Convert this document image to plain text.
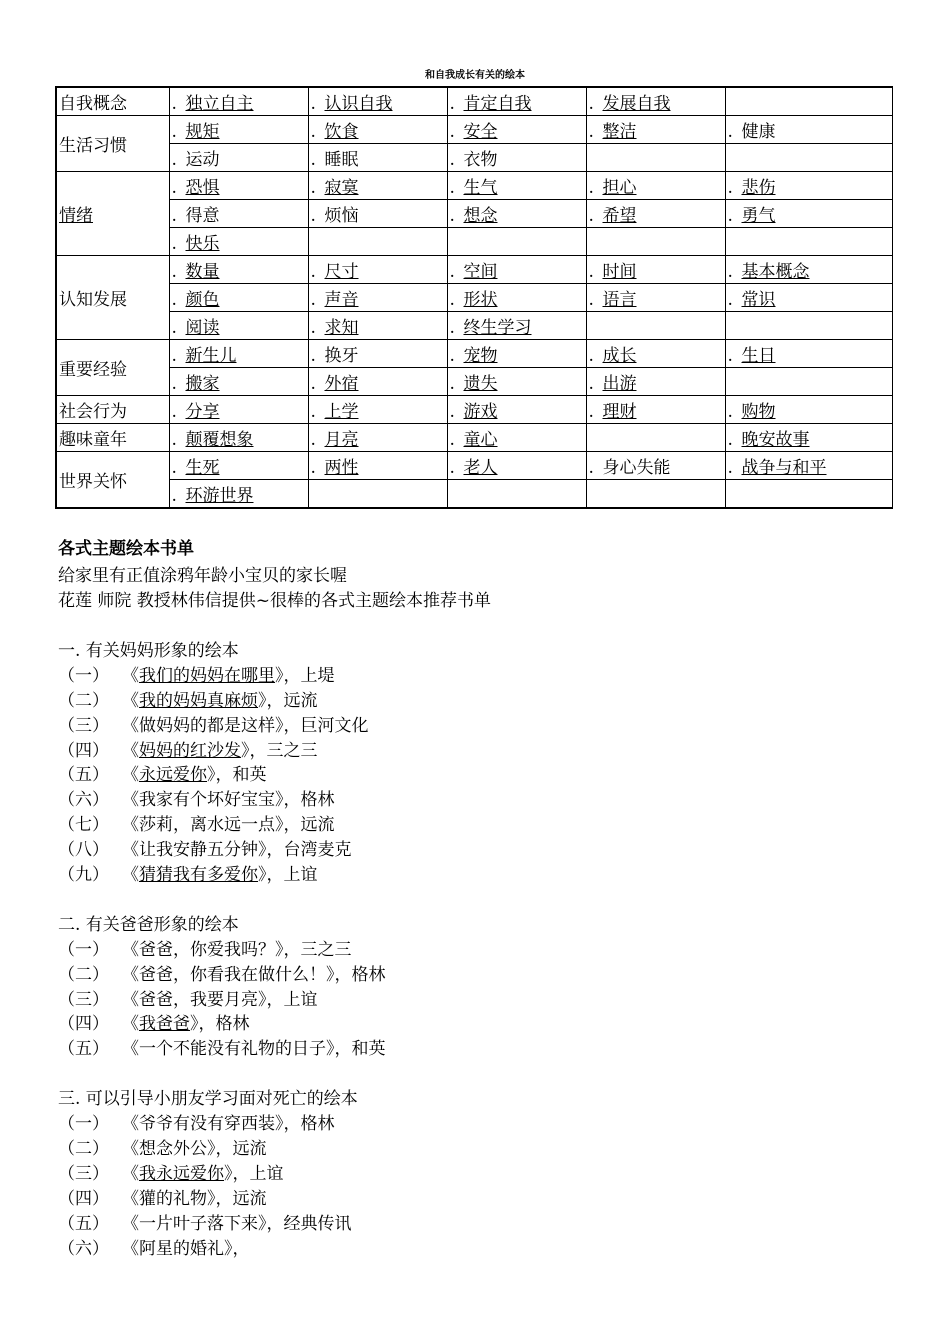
和自我成长有关的绘本
自我概念	. 独立自主	. 认识自我	. 肯定自我	. 发展自我	
生活习惯	. 规矩	. 饮食	. 安全	. 整洁	. 健康
	. 运动	. 睡眠	. 衣物		
情绪	. 恐惧	. 寂寞	. 生气	. 担心	. 悲伤
	. 得意	. 烦恼	. 想念	. 希望	. 勇气
	. 快乐				
认知发展	. 数量	. 尺寸	. 空间	. 时间	. 基本概念
	. 颜色	. 声音	. 形状	. 语言	. 常识
	. 阅读	. 求知	. 终生学习		
重要经验	. 新生儿	. 换牙	. 宠物	. 成长	. 生日
	. 搬家	. 外宿	. 遗失	. 出游	
社会行为	. 分享	. 上学	. 游戏	. 理财	. 购物
趣味童年	. 颠覆想象	. 月亮	. 童心		. 晚安故事
世界关怀	. 生死	. 两性	. 老人	. 身心失能	. 战争与和平
	. 环游世界				
各式主题绘本书单
给家里有正值涂鸦年龄小宝贝的家长喔
花莲 师院 教授林伟信提供~很棒的各式主题绘本推荐书单
一. 有关妈妈形象的绘本
（一） 《我们的妈妈在哪里》，上堤
（二） 《我的妈妈真麻烦》，远流
（三） 《做妈妈的都是这样》，巨河文化
（四） 《妈妈的红沙发》，三之三
（五） 《永远爱你》，和英
（六） 《我家有个坏好宝宝》，格林
（七） 《莎莉，离水远一点》，远流
（八） 《让我安静五分钟》，台湾麦克
（九） 《猜猜我有多爱你》，上谊
二. 有关爸爸形象的绘本
（一） 《爸爸，你爱我吗？》，三之三
（二） 《爸爸，你看我在做什么！》，格林
（三） 《爸爸，我要月亮》，上谊
（四） 《我爸爸》，格林
（五） 《一个不能没有礼物的日子》，和英
三. 可以引导小朋友学习面对死亡的绘本
（一） 《爷爷有没有穿西装》，格林
（二） 《想念外公》，远流
（三） 《我永远爱你》，上谊
（四） 《獾的礼物》，远流
（五） 《一片叶子落下来》，经典传讯
（六） 《阿星的婚礼》，
